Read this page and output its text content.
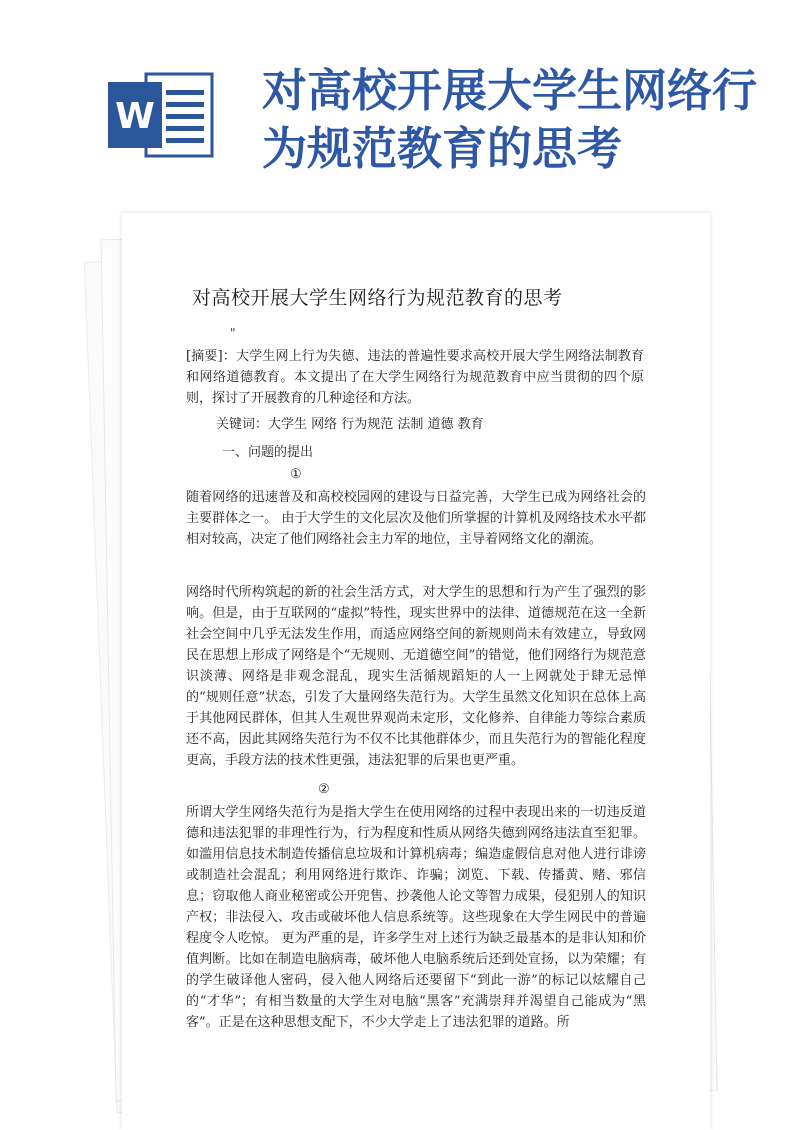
W 对高校开展大学生网络行为规范教育的思考
对高校开展大学生网络行为规范教育的思考
"

[摘要]：大学生网上行为失德、违法的普遍性要求高校开展大学生网络法制教育和网络道德教育。本文提出了在大学生网络行为规范教育中应当贯彻的四个原则，探讨了开展教育的几种途径和方法。

关键词：大学生 网络 行为规范 法制 道德 教育

一、问题的提出

①

随着网络的迅速普及和高校校园网的建设与日益完善，大学生已成为网络社会的主要群体之一。 由于大学生的文化层次及他们所掌握的计算机及网络技术水平都相对较高，决定了他们网络社会主力军的地位，主导着网络文化的潮流。

网络时代所构筑起的新的社会生活方式，对大学生的思想和行为产生了强烈的影响。但是，由于互联网的“虚拟”特性，现实世界中的法律、道德规范在这一全新社会空间中几乎无法发生作用，而适应网络空间的新规则尚未有效建立，导致网民在思想上形成了网络是个“无规则、无道德空间”的错觉，他们网络行为规范意识淡薄、网络是非观念混乱，现实生活循规蹈矩的人一上网就处于肆无忌惮的“规则任意”状态，引发了大量网络失范行为。大学生虽然文化知识在总体上高于其他网民群体，但其人生观世界观尚未定形，文化修养、自律能力等综合素质还不高，因此其网络失范行为不仅不比其他群体少，而且失范行为的智能化程度更高，手段方法的技术性更强，违法犯罪的后果也更严重。

②

所谓大学生网络失范行为是指大学生在使用网络的过程中表现出来的一切违反道德和违法犯罪的非理性行为，行为程度和性质从网络失德到网络违法直至犯罪。如滥用信息技术制造传播信息垃圾和计算机病毒；编造虚假信息对他人进行诽谤或制造社会混乱；利用网络进行欺诈、诈骗；浏览、下载、传播黄、赌、邪信息；窃取他人商业秘密或公开兜售、抄袭他人论文等智力成果，侵犯别人的知识产权；非法侵入、攻击或破坏他人信息系统等。这些现象在大学生网民中的普遍程度令人吃惊。 更为严重的是，许多学生对上述行为缺乏最基本的是非认知和价值判断。比如在制造电脑病毒，破坏他人电脑系统后还到处宣扬，以为荣耀；有的学生破译他人密码，侵入他人网络后还要留下“到此一游”的标记以炫耀自己的“才华”；有相当数量的大学生对电脑“黑客”充满崇拜并渴望自己能成为“黑客”。正是在这种思想支配下，不少大学走上了违法犯罪的道路。所
